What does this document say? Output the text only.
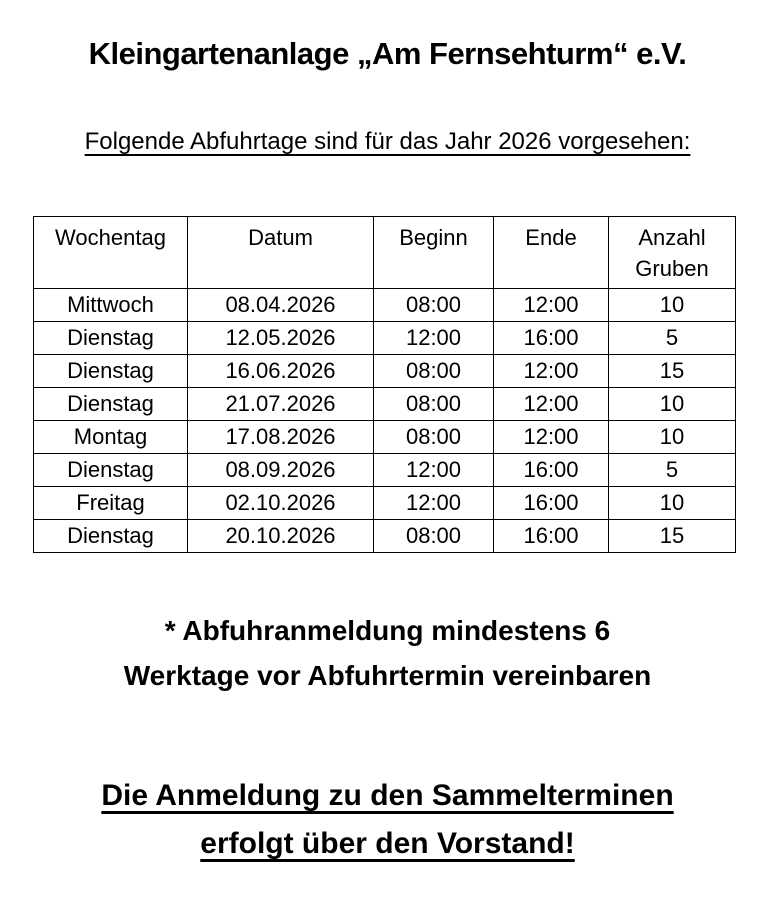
Kleingartenanlage „Am Fernsehturm“ e.V.

Folgende Abfuhrtage sind für das Jahr 2026 vorgesehen:

Wochentag	Datum	Beginn	Ende	Anzahl Gruben
Mittwoch	08.04.2026	08:00	12:00	10
Dienstag	12.05.2026	12:00	16:00	5
Dienstag	16.06.2026	08:00	12:00	15
Dienstag	21.07.2026	08:00	12:00	10
Montag	17.08.2026	08:00	12:00	10
Dienstag	08.09.2026	12:00	16:00	5
Freitag	02.10.2026	12:00	16:00	10
Dienstag	20.10.2026	08:00	16:00	15

* Abfuhranmeldung mindestens 6
Werktage vor Abfuhrtermin vereinbaren

Die Anmeldung zu den Sammelterminen
erfolgt über den Vorstand!
